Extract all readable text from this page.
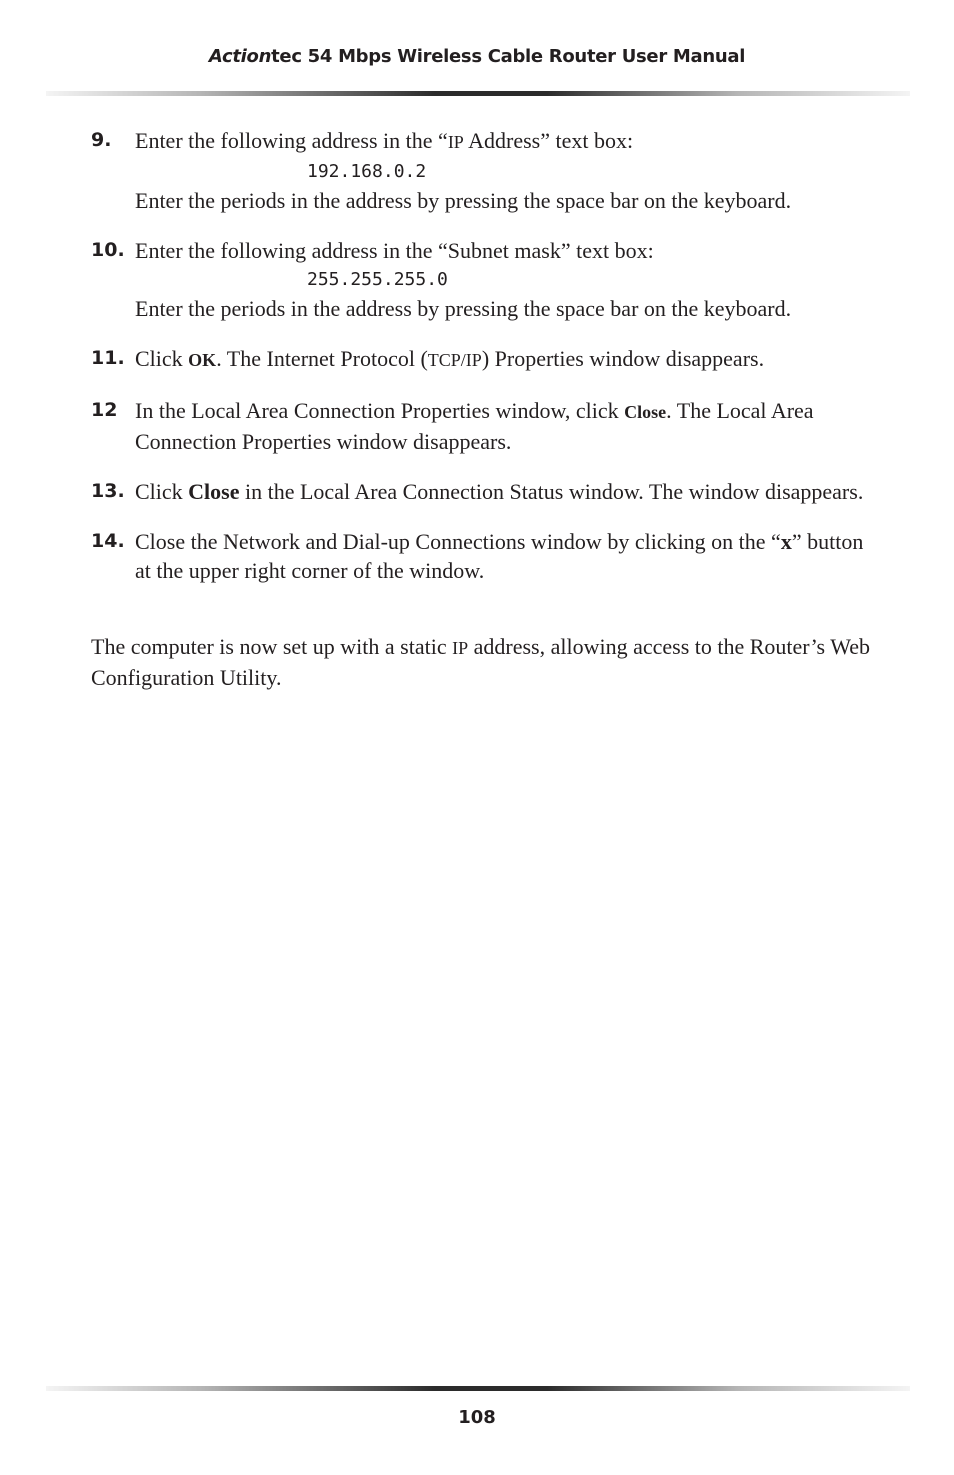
Actiontec 54 Mbps Wireless Cable Router User Manual
9. Enter the following address in the “IP Address” text box:
192.168.0.2
Enter the periods in the address by pressing the space bar on the keyboard.
10. Enter the following address in the “Subnet mask” text box:
255.255.255.0
Enter the periods in the address by pressing the space bar on the keyboard.
11. Click OK. The Internet Protocol (TCP/IP) Properties window disappears.
12 In the Local Area Connection Properties window, click Close. The Local Area Connection Properties window disappears.
13. Click Close in the Local Area Connection Status window. The window disappears.
14. Close the Network and Dial-up Connections window by clicking on the “x” button at the upper right corner of the window.
The computer is now set up with a static IP address, allowing access to the Router’s Web Configuration Utility.
108
